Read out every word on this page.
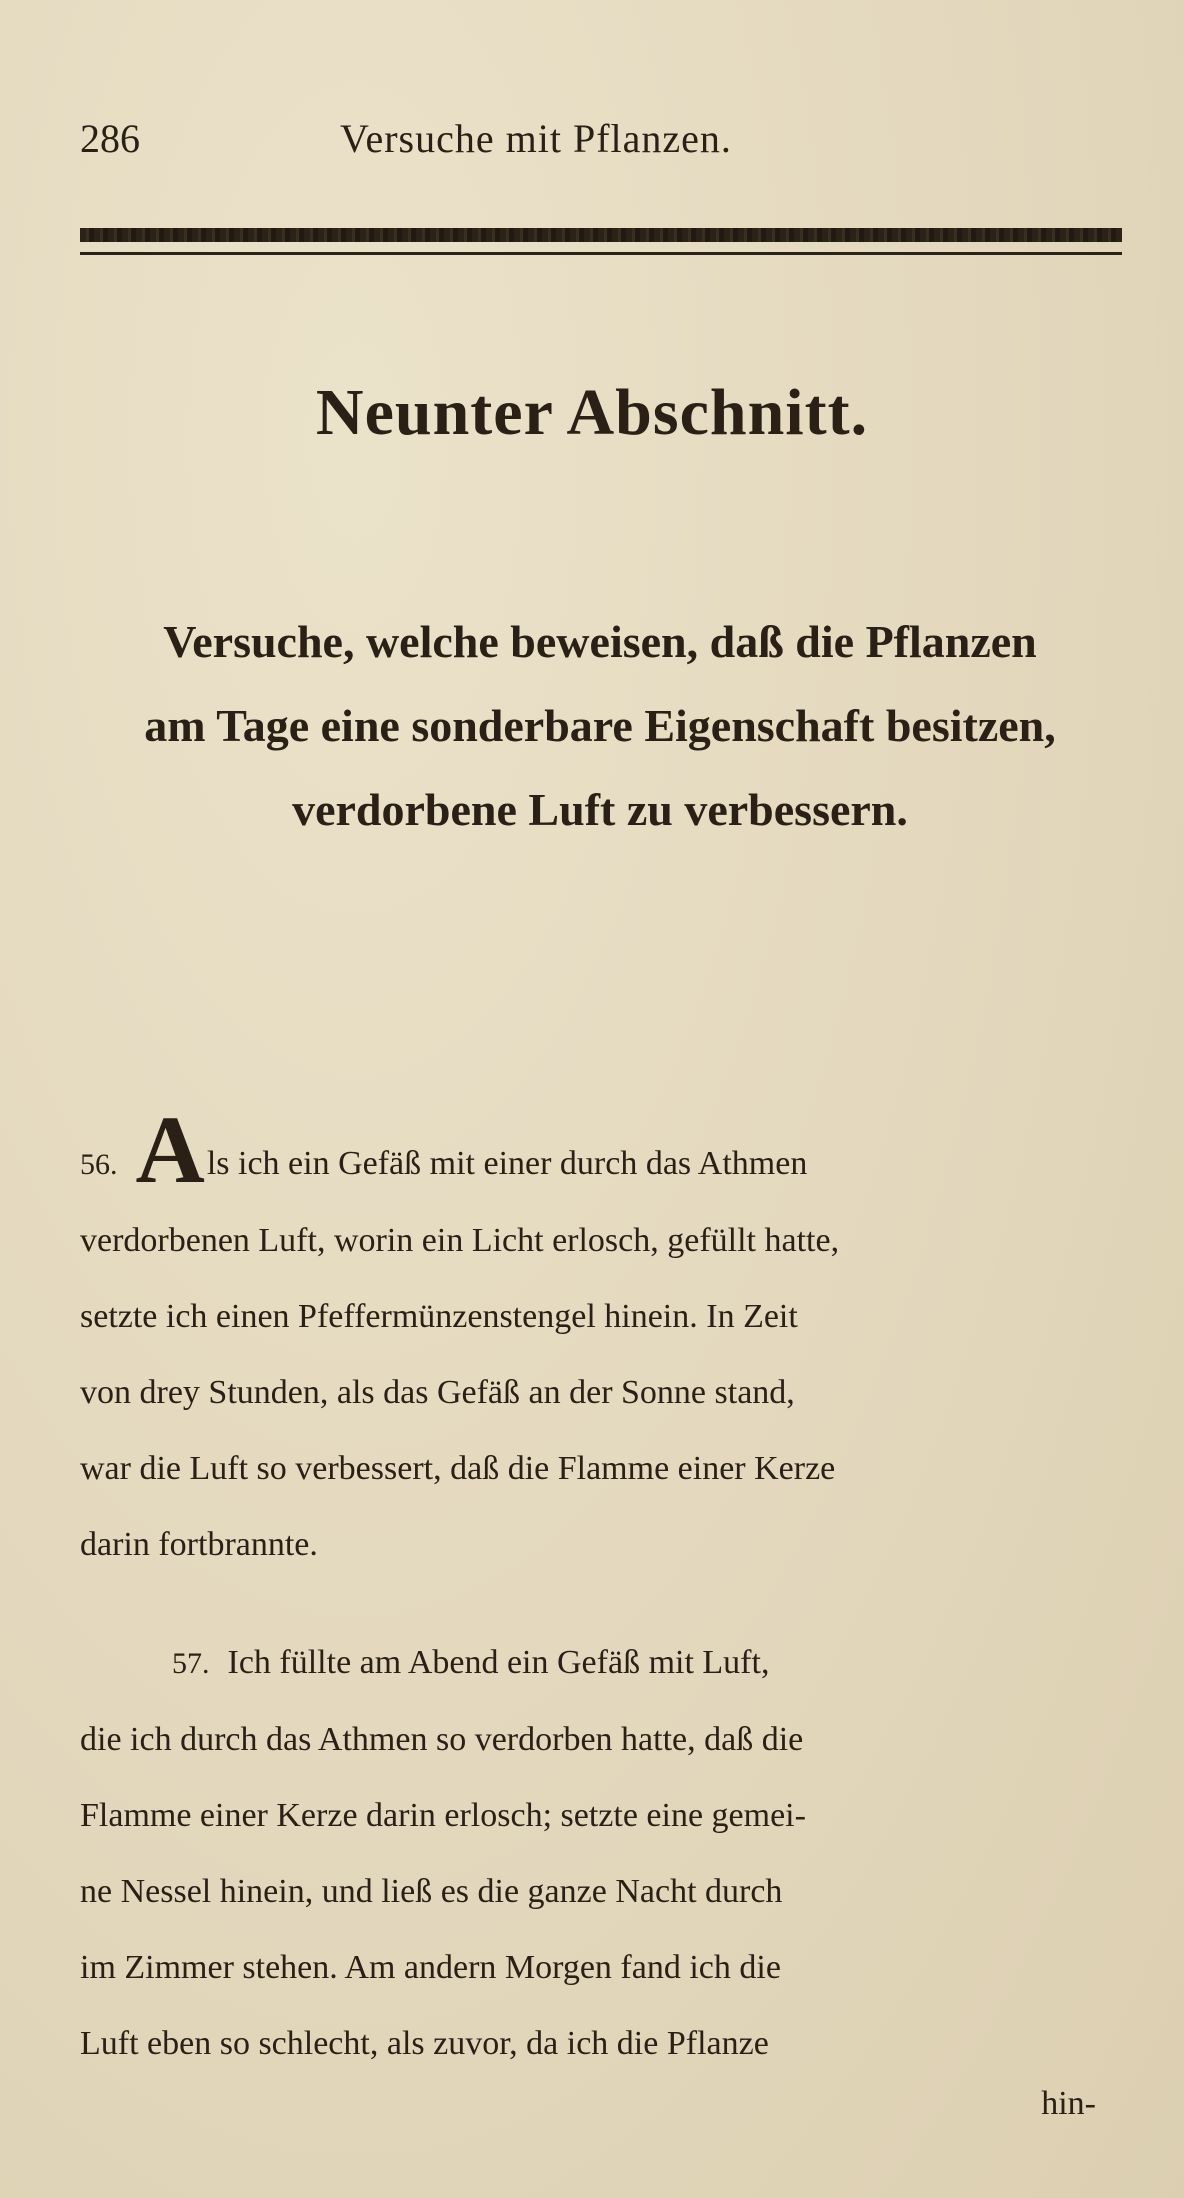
286	Versuche mit Pflanzen.
Neunter Abschnitt.
Versuche, welche beweisen, daß die Pflanzen
am Tage eine sonderbare Eigenschaft besitzen,
verdorbene Luft zu verbessern.
56. Als ich ein Gefäß mit einer durch das Athmen
verdorbenen Luft, worin ein Licht erlosch, gefüllt hatte,
setzte ich einen Pfeffermünzenstengel hinein. In Zeit
von drey Stunden, als das Gefäß an der Sonne stand,
war die Luft so verbessert, daß die Flamme einer Kerze
darin fortbrannte.
57. Ich füllte am Abend ein Gefäß mit Luft,
die ich durch das Athmen so verdorben hatte, daß die
Flamme einer Kerze darin erlosch; setzte eine gemei-
ne Nessel hinein, und ließ es die ganze Nacht durch
im Zimmer stehen. Am andern Morgen fand ich die
Luft eben so schlecht, als zuvor, da ich die Pflanze
hin-
